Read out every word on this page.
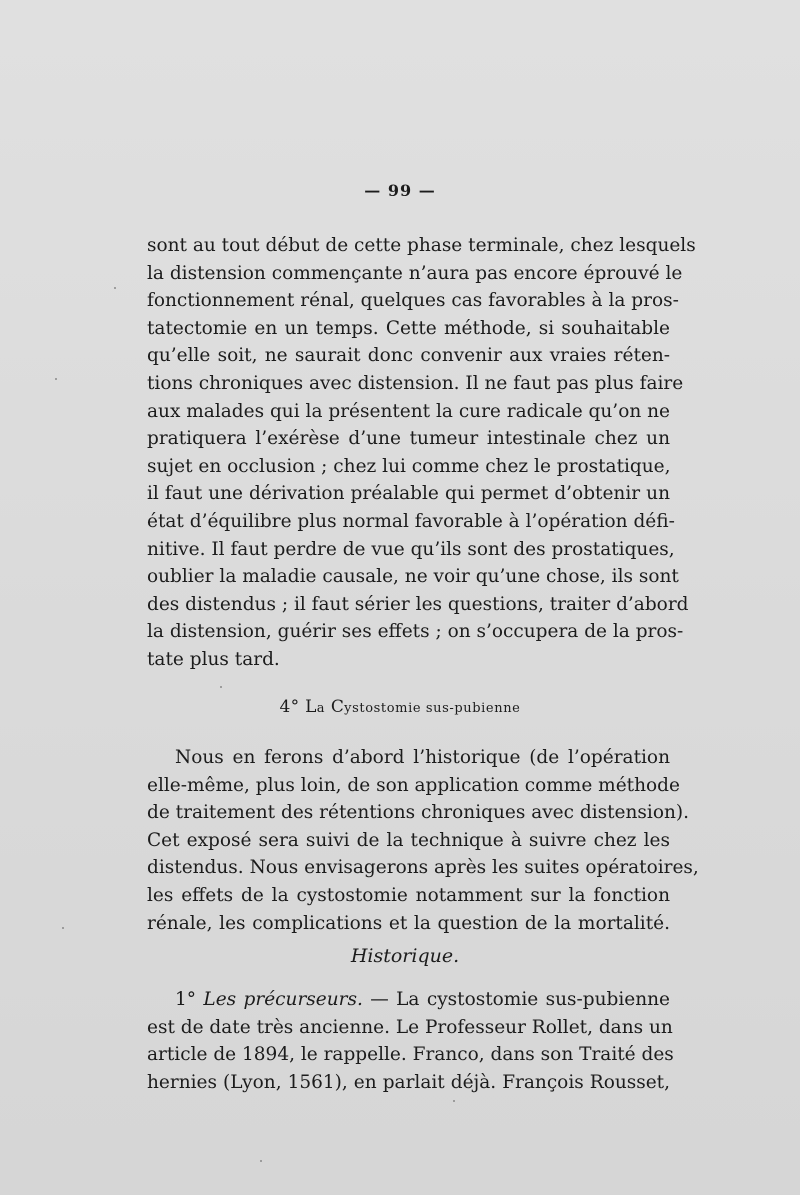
— 99 —
sont au tout début de cette phase terminale, chez lesquels
la distension commençante n’aura pas encore éprouvé le
fonctionnement rénal, quelques cas favorables à la pros-
tatectomie en un temps. Cette méthode, si souhaitable
qu’elle soit, ne saurait donc convenir aux vraies réten-
tions chroniques avec distension. Il ne faut pas plus faire
aux malades qui la présentent la cure radicale qu’on ne
pratiquera l’exérèse d’une tumeur intestinale chez un
sujet en occlusion ; chez lui comme chez le prostatique,
il faut une dérivation préalable qui permet d’obtenir un
état d’équilibre plus normal favorable à l’opération défi-
nitive. Il faut perdre de vue qu’ils sont des prostatiques,
oublier la maladie causale, ne voir qu’une chose, ils sont
des distendus ; il faut sérier les questions, traiter d’abord
la distension, guérir ses effets ; on s’occupera de la pros-
tate plus tard.
4° La Cystostomie sus-pubienne
Nous en ferons d’abord l’historique (de l’opération
elle-même, plus loin, de son application comme méthode
de traitement des rétentions chroniques avec distension).
Cet exposé sera suivi de la technique à suivre chez les
distendus. Nous envisagerons après les suites opératoires,
les effets de la cystostomie notamment sur la fonction
rénale, les complications et la question de la mortalité.
Historique.
1° Les précurseurs. — La cystostomie sus-pubienne
est de date très ancienne. Le Professeur Rollet, dans un
article de 1894, le rappelle. Franco, dans son Traité des
hernies (Lyon, 1561), en parlait déjà. François Rousset,
